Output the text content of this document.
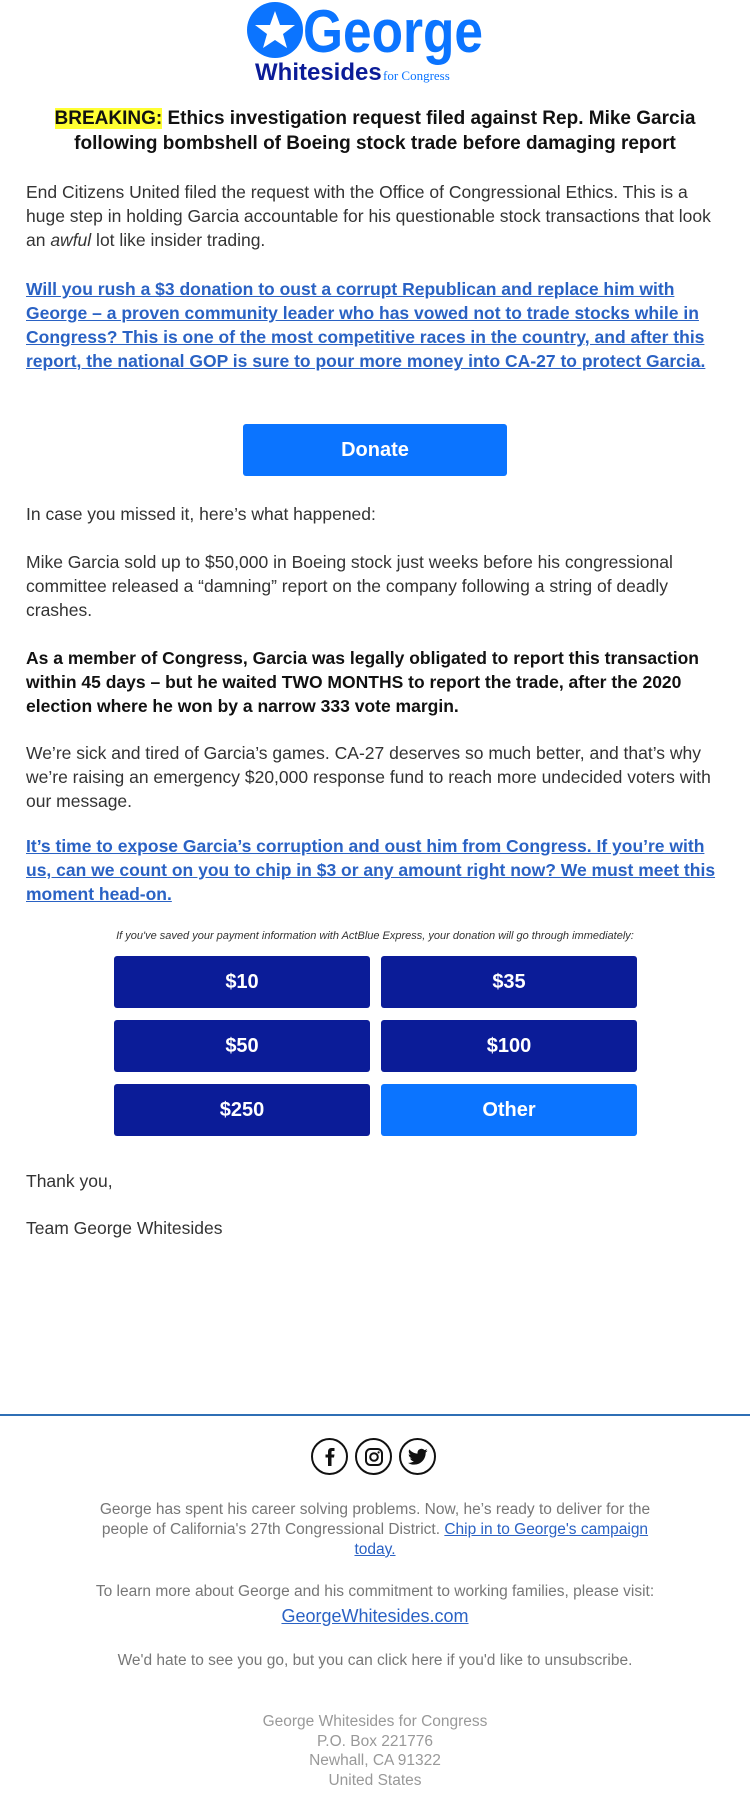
George
Whitesides for Congress
BREAKING: Ethics investigation request filed against Rep. Mike Garcia following bombshell of Boeing stock trade before damaging report

End Citizens United filed the request with the Office of Congressional Ethics. This is a huge step in holding Garcia accountable for his questionable stock transactions that look an awful lot like insider trading.

Will you rush a $3 donation to oust a corrupt Republican and replace him with George – a proven community leader who has vowed not to trade stocks while in Congress? This is one of the most competitive races in the country, and after this report, the national GOP is sure to pour more money into CA-27 to protect Garcia.

Donate

In case you missed it, here’s what happened:

Mike Garcia sold up to $50,000 in Boeing stock just weeks before his congressional committee released a “damning” report on the company following a string of deadly crashes.

As a member of Congress, Garcia was legally obligated to report this transaction within 45 days – but he waited TWO MONTHS to report the trade, after the 2020 election where he won by a narrow 333 vote margin.

We’re sick and tired of Garcia’s games. CA-27 deserves so much better, and that’s why we’re raising an emergency $20,000 response fund to reach more undecided voters with our message.

It’s time to expose Garcia’s corruption and oust him from Congress. If you’re with us, can we count on you to chip in $3 or any amount right now? We must meet this moment head-on.

If you've saved your payment information with ActBlue Express, your donation will go through immediately:
$10	$35
$50	$100
$250	Other

Thank you,

Team George Whitesides

George has spent his career solving problems. Now, he’s ready to deliver for the people of California's 27th Congressional District. Chip in to George's campaign today.

To learn more about George and his commitment to working families, please visit:
GeorgeWhitesides.com

We'd hate to see you go, but you can click here if you'd like to unsubscribe.

George Whitesides for Congress
P.O. Box 221776
Newhall, CA 91322
United States
